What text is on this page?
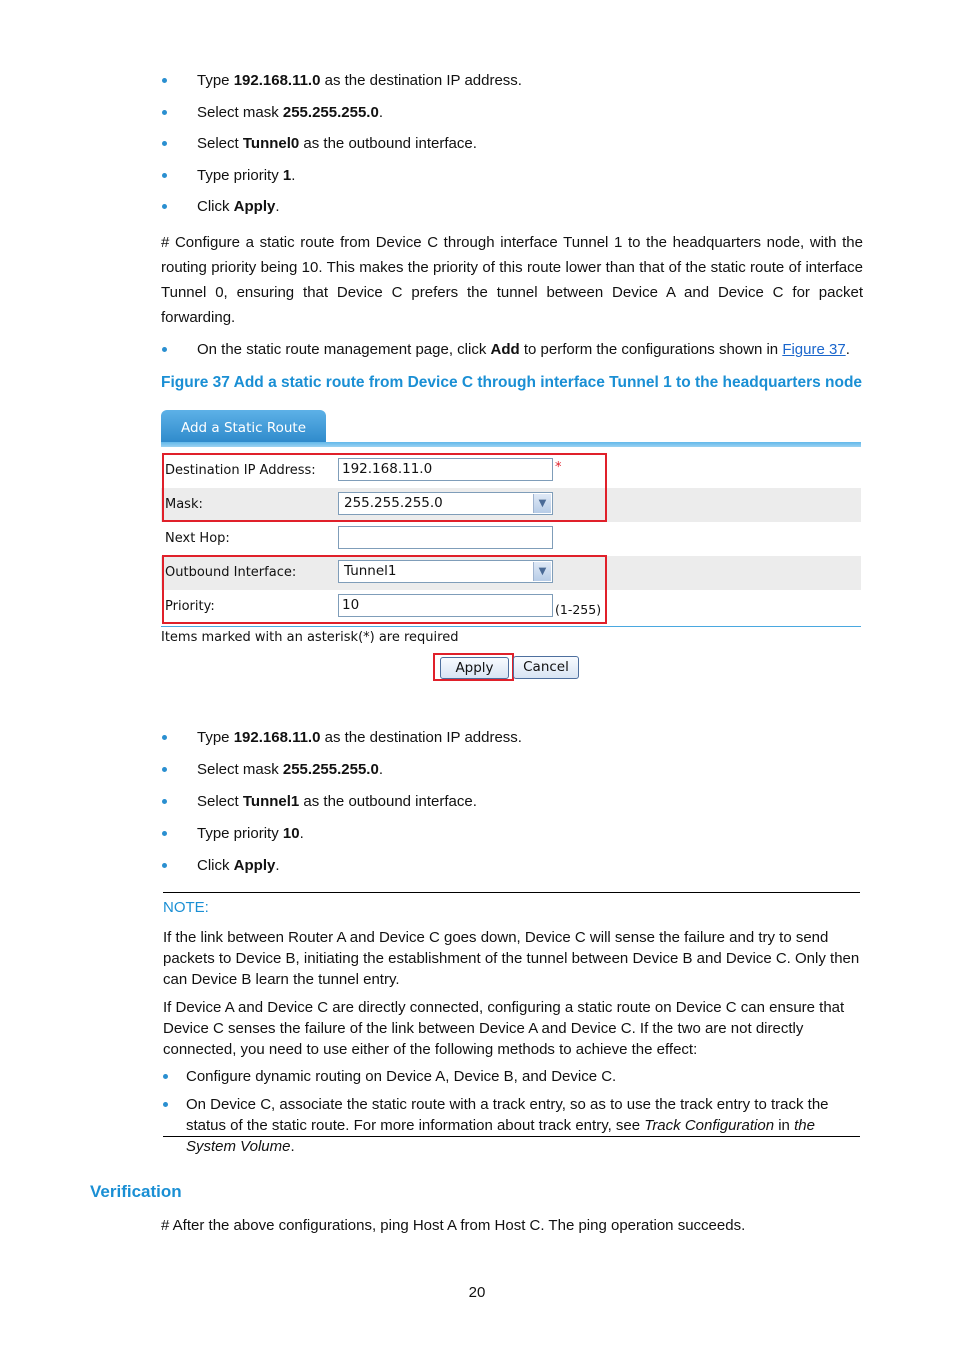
Type 192.168.11.0 as the destination IP address.
Select mask 255.255.255.0.
Select Tunnel0 as the outbound interface.
Type priority 1.
Click Apply.
# Configure a static route from Device C through interface Tunnel 1 to the headquarters node, with the routing priority being 10. This makes the priority of this route lower than that of the static route of interface Tunnel 0, ensuring that Device C prefers the tunnel between Device A and Device C for packet forwarding.
On the static route management page, click Add to perform the configurations shown in Figure 37.
Figure 37 Add a static route from Device C through interface Tunnel 1 to the headquarters node
Add a Static Route
Destination IP Address: 192.168.11.0	*
Mask:	255.255.255.0	▼
Next Hop:
Outbound Interface:	Tunnel1	▼
Priority:	10	(1-255)
Items marked with an asterisk(*) are required
Apply	Cancel
Type 192.168.11.0 as the destination IP address.
Select mask 255.255.255.0.
Select Tunnel1 as the outbound interface.
Type priority 10.
Click Apply.
NOTE:
If the link between Router A and Device C goes down, Device C will sense the failure and try to send packets to Device B, initiating the establishment of the tunnel between Device B and Device C. Only then can Device B learn the tunnel entry.
If Device A and Device C are directly connected, configuring a static route on Device C can ensure that Device C senses the failure of the link between Device A and Device C. If the two are not directly connected, you need to use either of the following methods to achieve the effect:
Configure dynamic routing on Device A, Device B, and Device C.
On Device C, associate the static route with a track entry, so as to use the track entry to track the status of the static route. For more information about track entry, see Track Configuration in the System Volume.
Verification
# After the above configurations, ping Host A from Host C. The ping operation succeeds.
20
